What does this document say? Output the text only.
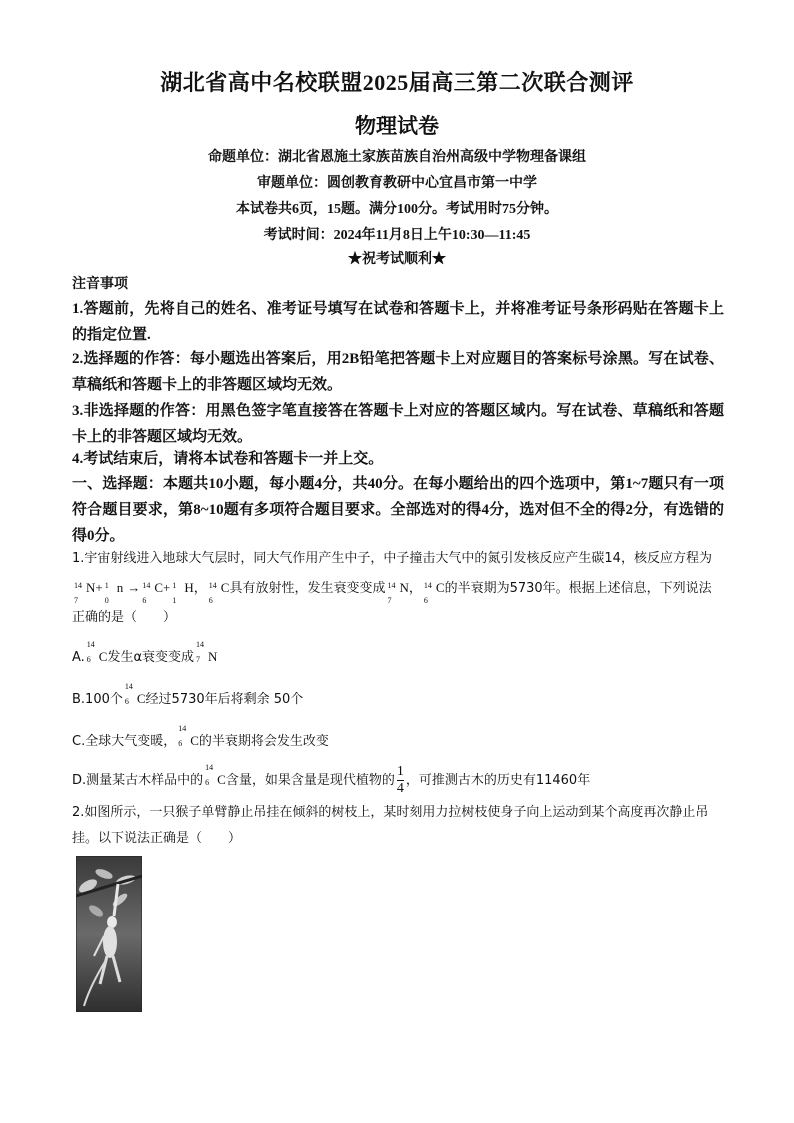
湖北省高中名校联盟2025届高三第二次联合测评
物理试卷
命题单位：湖北省恩施土家族苗族自治州高级中学物理备课组
审题单位：圆创教育教研中心宜昌市第一中学
本试卷共6页，15题。满分100分。考试用时75分钟。
考试时间：2024年11月8日上午10:30—11:45
★祝考试顺利★
注音事项
1.答题前，先将自己的姓名、准考证号填写在试卷和答题卡上，并将准考证号条形码贴在答题卡上的指定位置.
2.选择题的作答：每小题选出答案后，用2B铅笔把答题卡上对应题目的答案标号涂黑。写在试卷、草稿纸和答题卡上的非答题区域均无效。
3.非选择题的作答：用黑色签字笔直接答在答题卡上对应的答题区域内。写在试卷、草稿纸和答题卡上的非答题区域均无效。
4.考试结束后，请将本试卷和答题卡一并上交。
一、选择题：本题共10小题，每小题4分，共40分。在每小题给出的四个选项中，第1~7题只有一项符合题目要求，第8~10题有多项符合题目要求。全部选对的得4分，选对但不全的得2分，有选错的得0分。
1.宇宙射线进入地球大气层时，同大气作用产生中子，中子撞击大气中的氮引发核反应产生碳14，核反应方程为
14
7
N+ 1
0
n → 14
6
C+ 1
1
H， 14
6
C具有放射性，发生衰变变成 14
7
N， 14
6
C的半衰期为5730年。根据上述信息，下列说法正确的是（　　）
A.
14
6 C发生α衰变变成
14
7 N
B.100个
14
6 C经过5730年后将剩余 50个
C.全球大气变暖，
14
6 C的半衰期将会发生改变
D.测量某古木样品中的
14
6 C含量，如果含量是现代植物的 $\frac{1}{4}$ ，可推测古木的历史有11460年
2.如图所示，一只猴子单臂静止吊挂在倾斜的树枝上，某时刻用力拉树枝使身子向上运动到某个高度再次静止吊挂。以下说法正确是（　　）
